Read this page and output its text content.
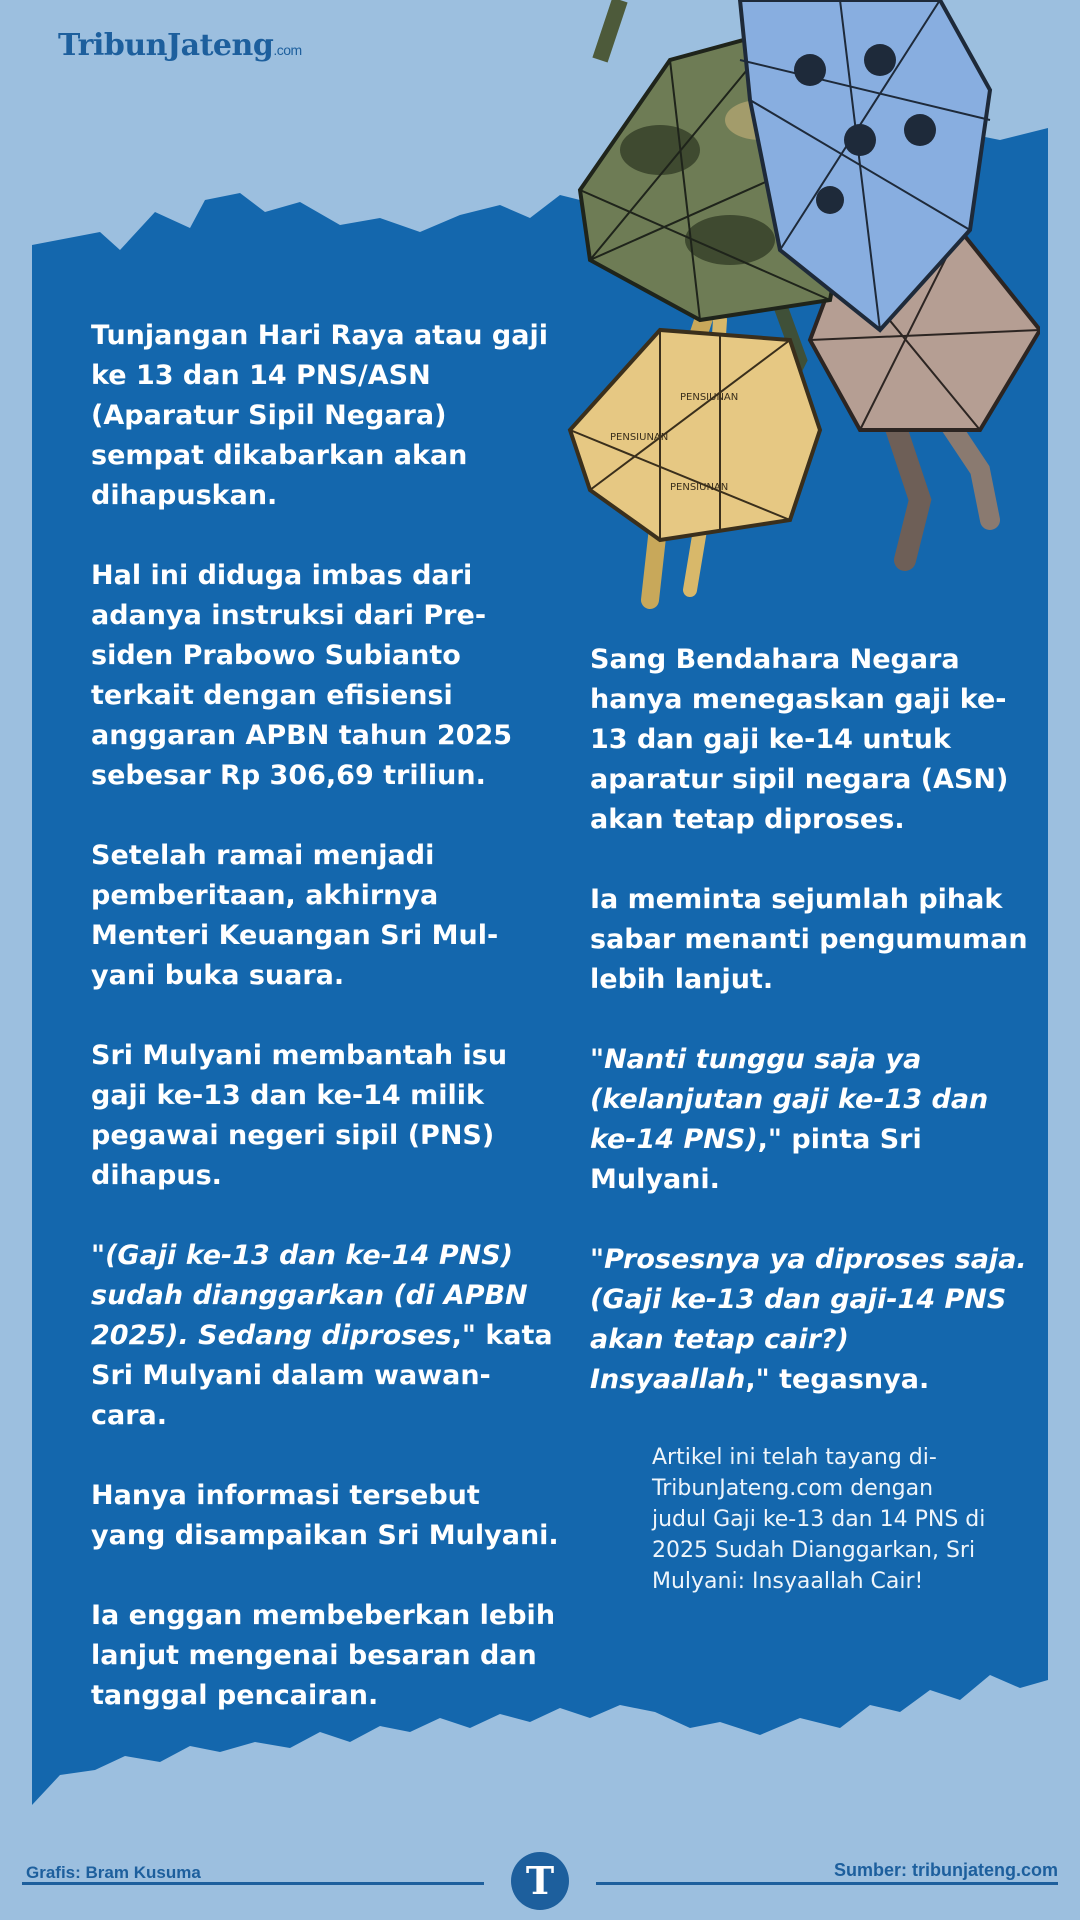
TribunJateng.com
PENSIUNAN
PENSIUNAN
PENSIUNAN

Tunjangan Hari Raya atau gaji ke 13 dan 14 PNS/ASN (Aparatur Sipil Negara) sempat dikabarkan akan dihapuskan.

Hal ini diduga imbas dari adanya instruksi dari Pre-siden Prabowo Subianto terkait dengan efisiensi anggaran APBN tahun 2025 sebesar Rp 306,69 triliun.

Setelah ramai menjadi pemberitaan, akhirnya Menteri Keuangan Sri Mul-yani buka suara.

Sri Mulyani membantah isu gaji ke-13 dan ke-14 milik pegawai negeri sipil (PNS) dihapus.

"(Gaji ke-13 dan ke-14 PNS) sudah dianggarkan (di APBN 2025). Sedang diproses," kata Sri Mulyani dalam wawan-cara.

Hanya informasi tersebut yang disampaikan Sri Mulyani.

Ia enggan membeberkan lebih lanjut mengenai besaran dan tanggal pencairan.

Sang Bendahara Negara hanya menegaskan gaji ke-13 dan gaji ke-14 untuk aparatur sipil negara (ASN) akan tetap diproses.

Ia meminta sejumlah pihak sabar menanti pengumuman lebih lanjut.

"Nanti tunggu saja ya (kelanjutan gaji ke-13 dan ke-14 PNS)," pinta Sri Mulyani.

"Prosesnya ya diproses saja. (Gaji ke-13 dan gaji-14 PNS akan tetap cair?) Insyaallah," tegasnya.

Artikel ini telah tayang di-TribunJateng.com dengan judul Gaji ke-13 dan 14 PNS di 2025 Sudah Dianggarkan, Sri Mulyani: Insyaallah Cair!
Grafis: Bram Kusuma	Sumber: tribunjateng.com
T
